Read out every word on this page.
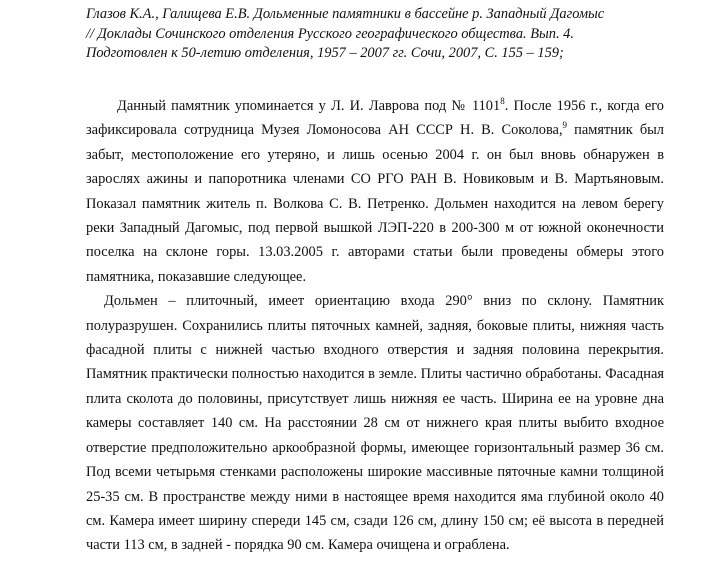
Глазов К.А., Галищева Е.В. Дольменные памятники в бассейне р. Западный Дагомыс
// Доклады Сочинского отделения Русского географического общества. Вып. 4.
Подготовлен к 50-летию отделения, 1957 – 2007 гг. Сочи, 2007, С. 155 – 159;

Данный памятник упоминается у Л. И. Лаврова под № 1101$^8$. После 1956 г., когда его
зафиксировала сотрудница Музея Ломоносова АН СССР Н. В. Соколова,$^9$ памятник был
забыт, местоположение его утеряно, и лишь осенью 2004 г. он был вновь обнаружен в
зарослях ажины и папоротника членами СО РГО РАН В. Новиковым и В. Мартьяновым.
Показал памятник житель п. Волкова С. В. Петренко. Дольмен находится на левом берегу
реки Западный Дагомыс, под первой вышкой ЛЭП-220 в 200-300 м от южной оконечности
поселка на склоне горы. 13.03.2005 г. авторами статьи были проведены обмеры этого
памятника, показавшие следующее.

Дольмен – плиточный, имеет ориентацию входа 290° вниз по склону. Памятник
полуразрушен. Сохранились плиты пяточных камней, задняя, боковые плиты, нижняя часть
фасадной плиты с нижней частью входного отверстия и задняя половина перекрытия.
Памятник практически полностью находится в земле. Плиты частично обработаны. Фасадная
плита сколота до половины, присутствует лишь нижняя ее часть. Ширина ее на уровне дна
камеры составляет 140 см. На расстоянии 28 см от нижнего края плиты выбито входное
отверстие предположительно аркообразной формы, имеющее горизонтальный размер 36 см.
Под всеми четырьмя стенками расположены широкие массивные пяточные камни толщиной
25-35 см. В пространстве между ними в настоящее время находится яма глубиной около 40
см. Камера имеет ширину спереди 145 см, сзади 126 см, длину 150 см; её высота в передней
части 113 см, в задней - порядка 90 см. Камера очищена и ограблена.
